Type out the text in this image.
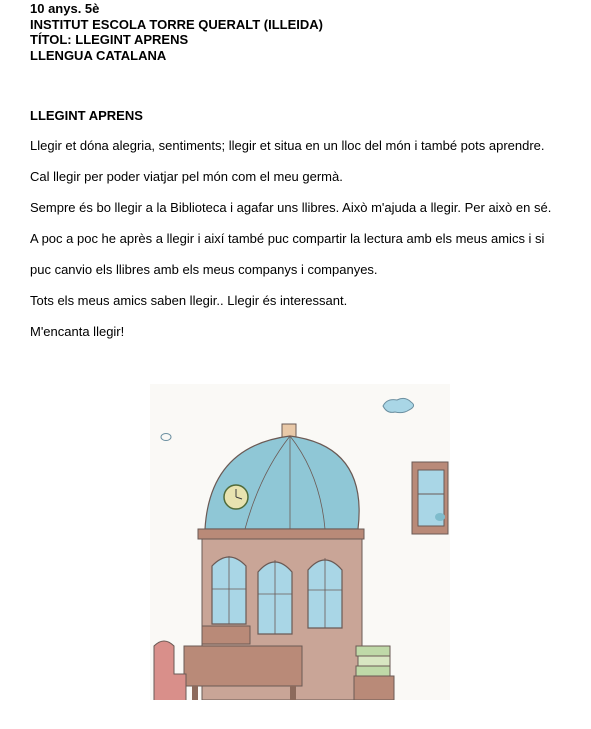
10 anys. 5è
INSTITUT ESCOLA TORRE QUERALT (ILLEIDA)
TÍTOL: LLEGINT APRENS
LLENGUA CATALANA
LLEGINT APRENS

Llegir et dóna alegria, sentiments; llegir et situa en un lloc del món i també pots aprendre.

Cal llegir per poder viatjar pel món com el meu germà.

Sempre és bo llegir a la Biblioteca i agafar uns llibres. Això m'ajuda a llegir. Per això en sé.

A poc a poc he après a llegir i així també puc compartir la lectura amb els meus amics i si

puc canvio els llibres amb els meus companys i companyes.

Tots els meus amics saben llegir.. Llegir és interessant.

M'encanta llegir!
